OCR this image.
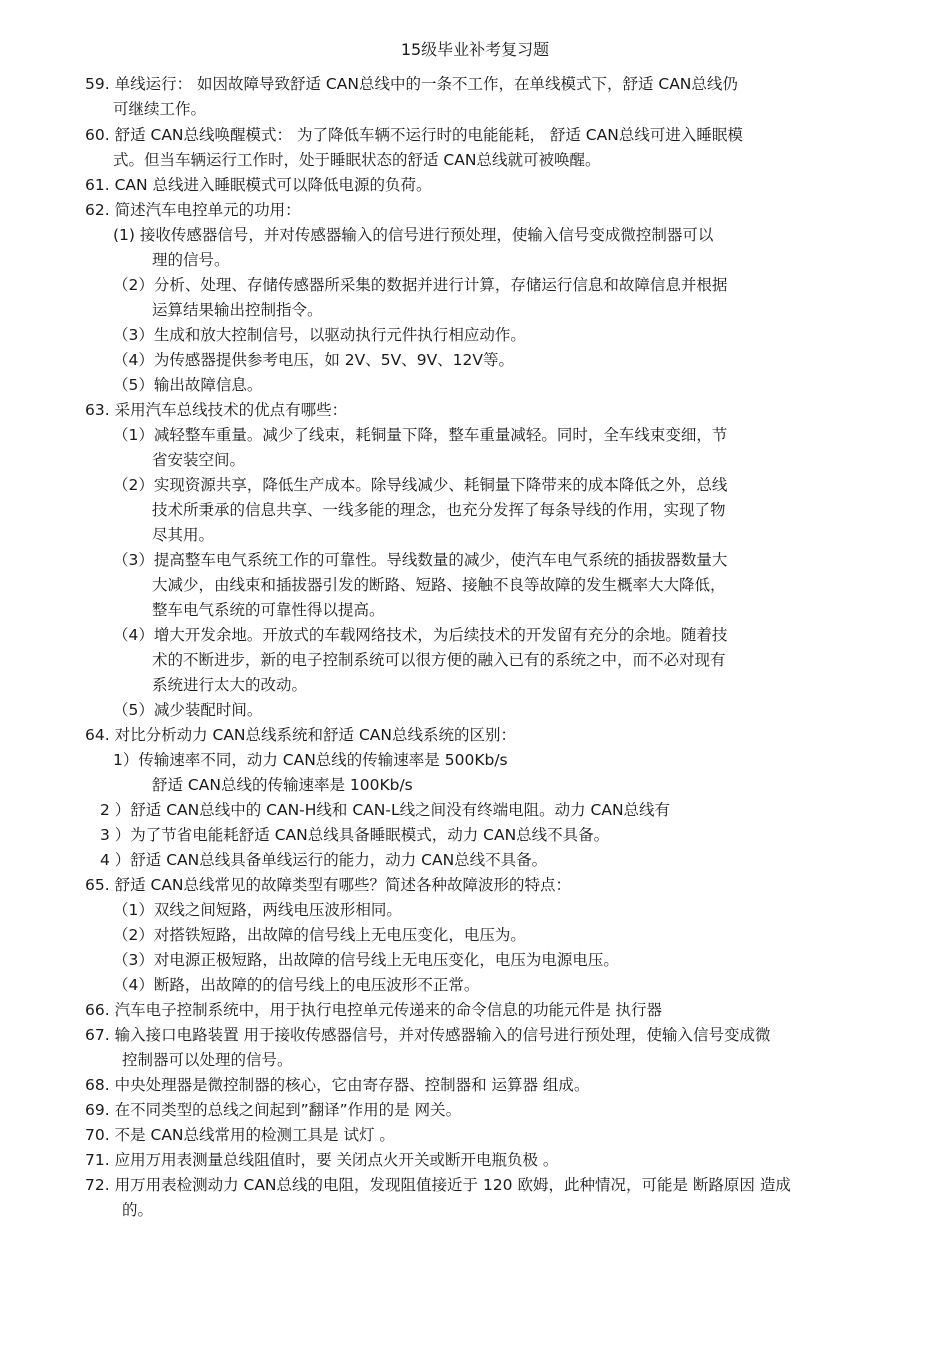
15级毕业补考复习题
59. 单线运行： 如因故障导致舒适 CAN总线中的一条不工作，在单线模式下，舒适 CAN总线仍
可继续工作。
60. 舒适 CAN总线唤醒模式： 为了降低车辆不运行时的电能能耗， 舒适 CAN总线可进入睡眠模
式。但当车辆运行工作时，处于睡眠状态的舒适 CAN总线就可被唤醒。
61. CAN 总线进入睡眠模式可以降低电源的负荷。
62. 简述汽车电控单元的功用：
(1) 接收传感器信号，并对传感器输入的信号进行预处理，使输入信号变成微控制器可以
理的信号。
（2）分析、处理、存储传感器所采集的数据并进行计算，存储运行信息和故障信息并根据
运算结果输出控制指令。
（3）生成和放大控制信号，以驱动执行元件执行相应动作。
（4）为传感器提供参考电压，如 2V、5V、9V、12V等。
（5）输出故障信息。
63. 采用汽车总线技术的优点有哪些：
（1）减轻整车重量。减少了线束，耗铜量下降，整车重量减轻。同时，全车线束变细，节
省安装空间。
（2）实现资源共享，降低生产成本。除导线减少、耗铜量下降带来的成本降低之外，总线
技术所秉承的信息共享、一线多能的理念，也充分发挥了每条导线的作用，实现了物
尽其用。
（3）提高整车电气系统工作的可靠性。导线数量的减少，使汽车电气系统的插拔器数量大
大减少，由线束和插拔器引发的断路、短路、接触不良等故障的发生概率大大降低，
整车电气系统的可靠性得以提高。
（4）增大开发余地。开放式的车载网络技术，为后续技术的开发留有充分的余地。随着技
术的不断进步，新的电子控制系统可以很方便的融入已有的系统之中，而不必对现有
系统进行太大的改动。
（5）减少装配时间。
64. 对比分析动力 CAN总线系统和舒适 CAN总线系统的区别：
1）传输速率不同，动力 CAN总线的传输速率是 500Kb/s
舒适 CAN总线的传输速率是 100Kb/s
2 ）舒适 CAN总线中的 CAN-H线和 CAN-L线之间没有终端电阻。动力 CAN总线有
3 ）为了节省电能耗舒适 CAN总线具备睡眠模式，动力 CAN总线不具备。
4 ）舒适 CAN总线具备单线运行的能力，动力 CAN总线不具备。
65. 舒适 CAN总线常见的故障类型有哪些？简述各种故障波形的特点：
（1）双线之间短路，两线电压波形相同。
（2）对搭铁短路，出故障的信号线上无电压变化，电压为。
（3）对电源正极短路，出故障的信号线上无电压变化，电压为电源电压。
（4）断路，出故障的的信号线上的电压波形不正常。
66. 汽车电子控制系统中，用于执行电控单元传递来的命令信息的功能元件是 执行器
67. 输入接口电路装置 用于接收传感器信号，并对传感器输入的信号进行预处理，使输入信号变成微
控制器可以处理的信号。
68. 中央处理器是微控制器的核心，它由寄存器、控制器和 运算器 组成。
69. 在不同类型的总线之间起到”翻译”作用的是 网关。
70. 不是 CAN总线常用的检测工具是 试灯 。
71. 应用万用表测量总线阻值时，要 关闭点火开关或断开电瓶负极 。
72. 用万用表检测动力 CAN总线的电阻，发现阻值接近于 120 欧姆，此种情况，可能是 断路原因 造成
的。
